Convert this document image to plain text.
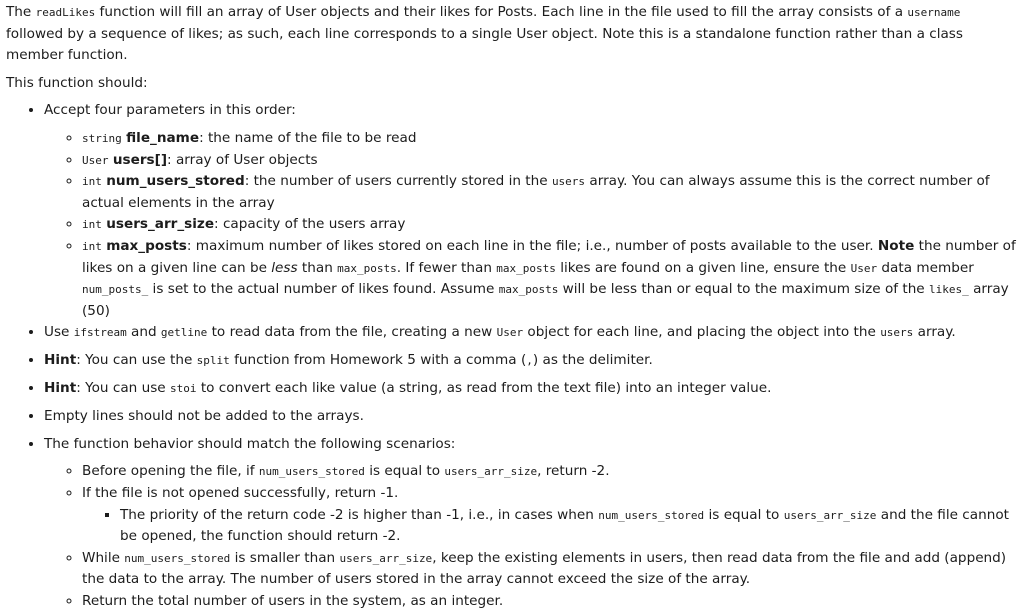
The readLikes function will fill an array of User objects and their likes for Posts. Each line in the file used to fill the array consists of a username followed by a sequence of likes; as such, each line corresponds to a single User object. Note this is a standalone function rather than a class member function.

This function should:

• Accept four parameters in this order:
◦ string file_name: the name of the file to be read
◦ User users[]: array of User objects
◦ int num_users_stored: the number of users currently stored in the users array. You can always assume this is the correct number of actual elements in the array
◦ int users_arr_size: capacity of the users array
◦ int max_posts: maximum number of likes stored on each line in the file; i.e., number of posts available to the user. Note the number of likes on a given line can be less than max_posts. If fewer than max_posts likes are found on a given line, ensure the User data member num_posts_ is set to the actual number of likes found. Assume max_posts will be less than or equal to the maximum size of the likes_ array (50)
• Use ifstream and getline to read data from the file, creating a new User object for each line, and placing the object into the users array.
• Hint: You can use the split function from Homework 5 with a comma (,) as the delimiter.
• Hint: You can use stoi to convert each like value (a string, as read from the text file) into an integer value.
• Empty lines should not be added to the arrays.
• The function behavior should match the following scenarios:
◦ Before opening the file, if num_users_stored is equal to users_arr_size, return -2.
◦ If the file is not opened successfully, return -1.
▪ The priority of the return code -2 is higher than -1, i.e., in cases when num_users_stored is equal to users_arr_size and the file cannot be opened, the function should return -2.
◦ While num_users_stored is smaller than users_arr_size, keep the existing elements in users, then read data from the file and add (append) the data to the array. The number of users stored in the array cannot exceed the size of the array.
◦ Return the total number of users in the system, as an integer.
